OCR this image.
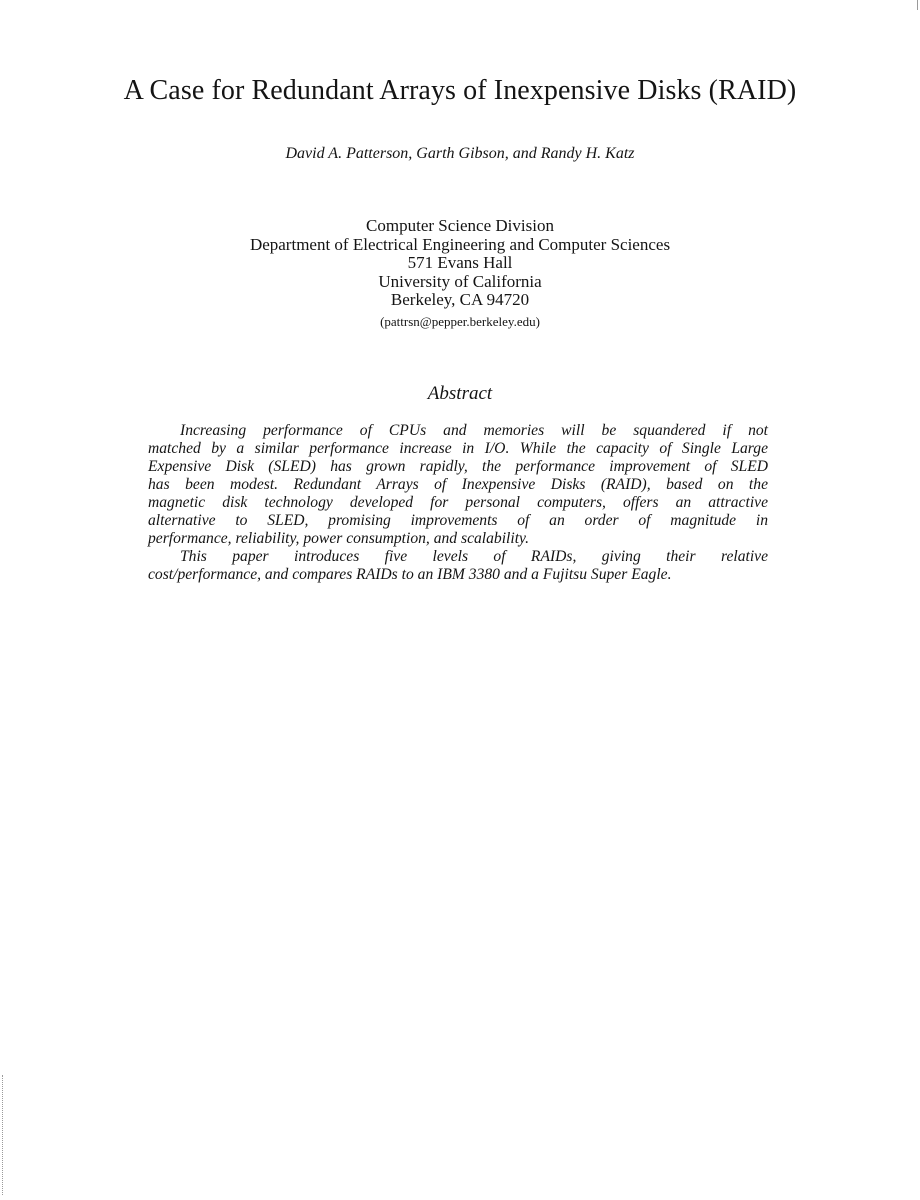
A Case for Redundant Arrays of Inexpensive Disks (RAID)
David A. Patterson, Garth Gibson, and Randy H. Katz
Computer Science Division
Department of Electrical Engineering and Computer Sciences
571 Evans Hall
University of California
Berkeley, CA 94720
(pattrsn@pepper.berkeley.edu)
Abstract
Increasing performance of CPUs and memories will be squandered if not
matched by a similar performance increase in I/O. While the capacity of Single Large
Expensive Disk (SLED) has grown rapidly, the performance improvement of SLED
has been modest. Redundant Arrays of Inexpensive Disks (RAID), based on the
magnetic disk technology developed for personal computers, offers an attractive
alternative to SLED, promising improvements of an order of magnitude in
performance, reliability, power consumption, and scalability.
This paper introduces five levels of RAIDs, giving their relative
cost/performance, and compares RAIDs to an IBM 3380 and a Fujitsu Super Eagle.
